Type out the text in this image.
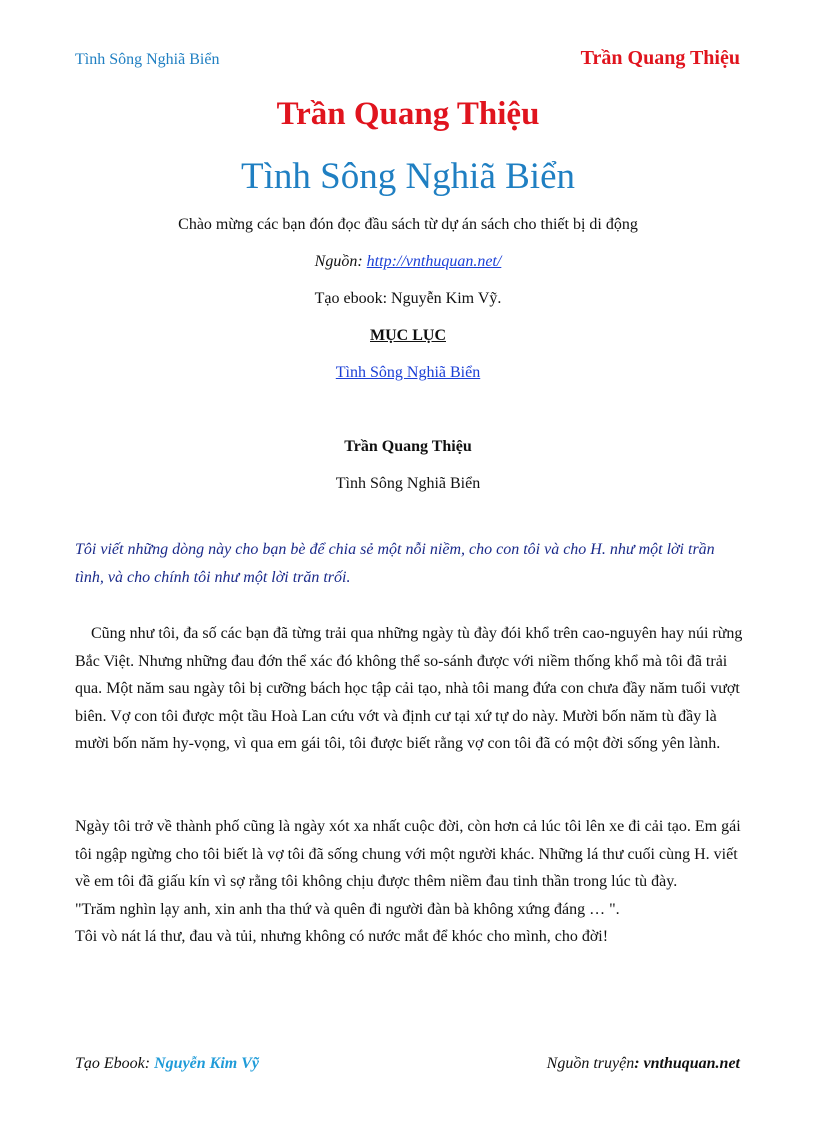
Tình Sông Nghiã Biển	Trần Quang Thiệu
Trần Quang Thiệu
Tình Sông Nghiã Biển
Chào mừng các bạn đón đọc đầu sách từ dự án sách cho thiết bị di động
Nguồn: http://vnthuquan.net/
Tạo ebook: Nguyễn Kim Vỹ.
MỤC LỤC
Tình Sông Nghiã Biển
Trần Quang Thiệu
Tình Sông Nghiã Biển
Tôi viết những dòng này cho bạn bè để chia sẻ một nỗi niềm, cho con tôi và cho H. như một lời trần tình, và cho chính tôi như một lời trăn trối.
Cũng như tôi, đa số các bạn đã từng trải qua những ngày tù đày đói khổ trên cao-nguyên hay núi rừng Bắc Việt. Nhưng những đau đớn thể xác đó không thể so-sánh được với niềm thống khổ mà tôi đã trải qua. Một năm sau ngày tôi bị cưỡng bách học tập cải tạo, nhà tôi mang đứa con chưa đầy năm tuổi vượt biên. Vợ con tôi được một tầu Hoà Lan cứu vớt và định cư tại xứ tự do này. Mười bốn năm tù đầy là mười bốn năm hy-vọng, vì qua em gái tôi, tôi được biết rằng vợ con tôi đã có một đời sống yên lành.
Ngày tôi trở về thành phố cũng là ngày xót xa nhất cuộc đời, còn hơn cả lúc tôi lên xe đi cải tạo. Em gái tôi ngập ngừng cho tôi biết là vợ tôi đã sống chung với một người khác. Những lá thư cuối cùng H. viết về em tôi đã giấu kín vì sợ rằng tôi không chịu được thêm niềm đau tinh thần trong lúc tù đày.
"Trăm nghìn lạy anh, xin anh tha thứ và quên đi người đàn bà không xứng đáng … ".
Tôi vò nát lá thư, đau và tủi, nhưng không có nước mắt để khóc cho mình, cho đời!
Tạo Ebook: Nguyễn Kim Vỹ	Nguồn truyện: vnthuquan.net
